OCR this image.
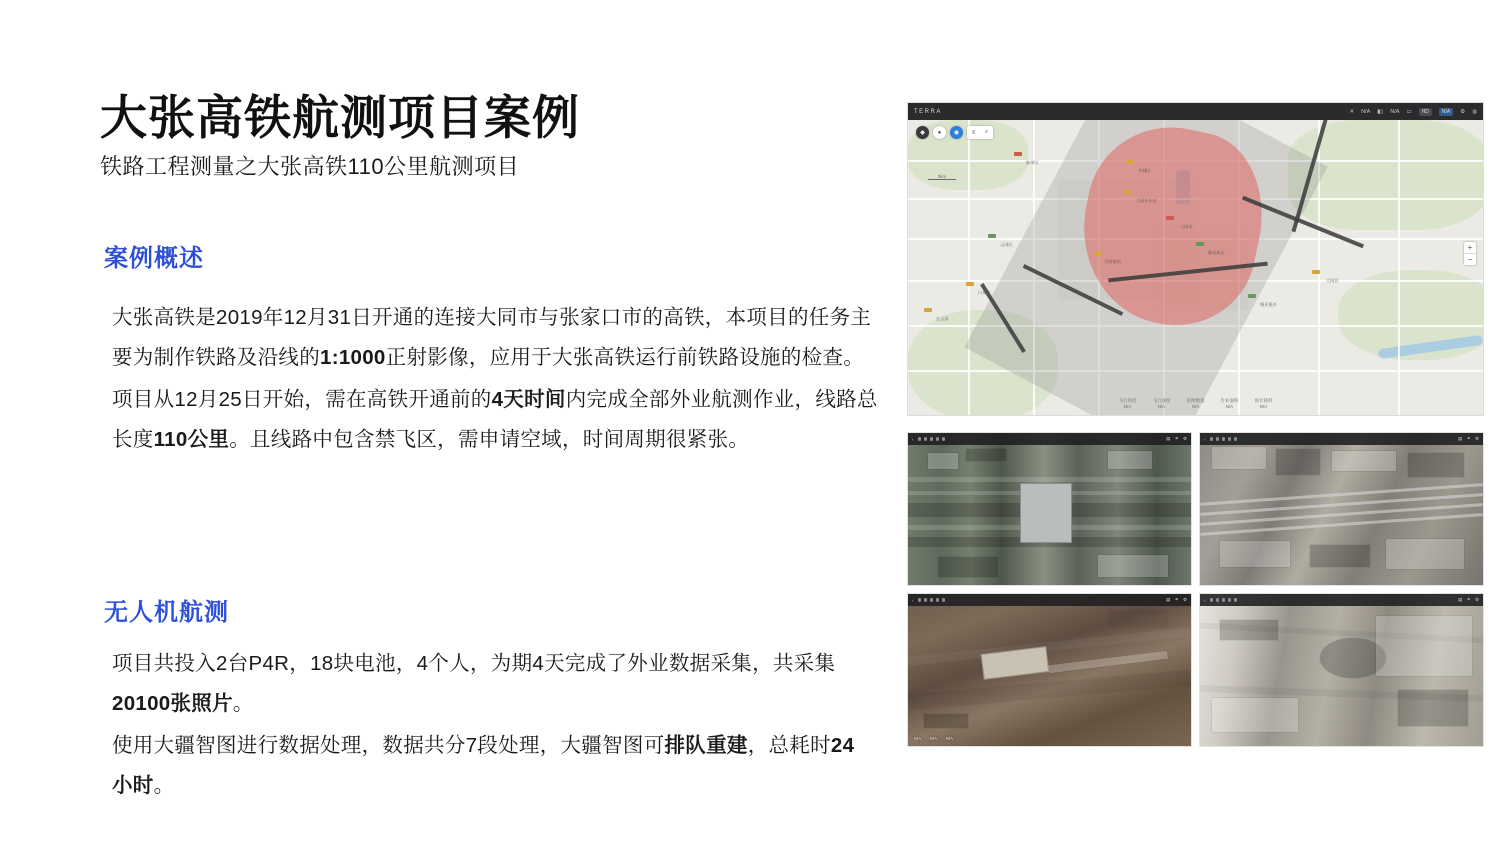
大张高铁航测项目案例

铁路工程测量之大张高铁110公里航测项目

案例概述

大张高铁是2019年12月31日开通的连接大同市与张家口市的高铁，本项目的任务主要为制作铁路及沿线的1:1000正射影像，应用于大张高铁运行前铁路设施的检查。

项目从12月25日开始，需在高铁开通前的4天时间内完成全部外业航测作业，线路总长度110公里。且线路中包含禁飞区，需申请空域，时间周期很紧张。

无人机航测

项目共投入2台P4R，18块电池，4个人，为期4天完成了外业数据采集，共采集20100张照片。

使用大疆智图进行数据处理，数据共分7段处理，大疆智图可排队重建，总耗时24小时。

TERRA	✕ N/A ▮▯ N/A ▭	HD	N/A	⚙ ◍
大同南站
大同市
大同县
云冈区
大同火车站
新荣区
平城区
御东新区
口泉乡
左云县
聚乐堡乡
◆	●	◉	≡	⌕
2km
+
−
飞行高度
N/A
飞行速度
N/A
拍照数量
N/A
作业面积
N/A
预计耗时
N/A
‹	▤ ⌗ ⚙	‹	▤ ⌗ ⚙
‹	▤ ⌗ ⚙
N/A N/A N/A
‹	▤ ⌗ ⚙
